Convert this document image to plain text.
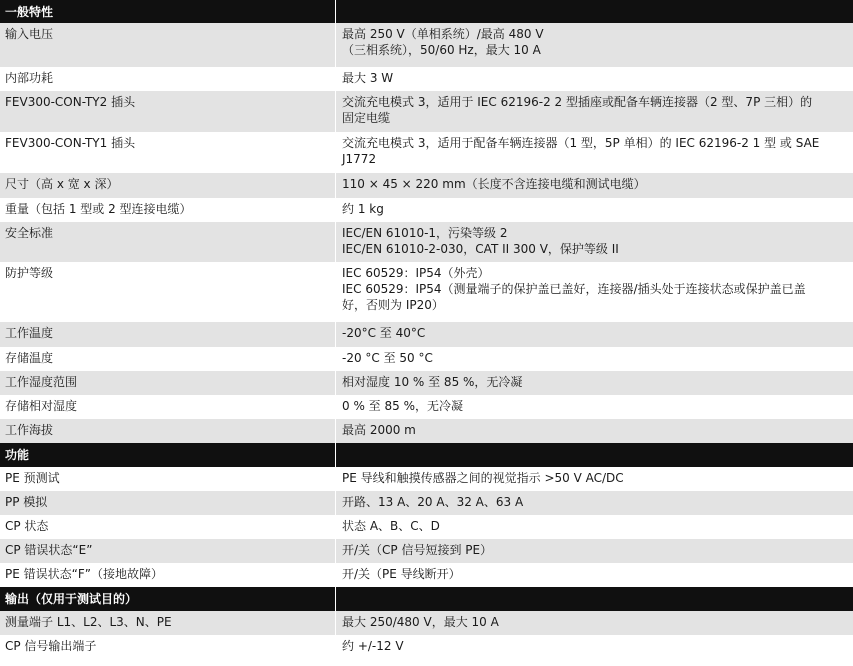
一般特性
输入电压	最高 250 V（单相系统）/最高 480 V
（三相系统），50/60 Hz，最大 10 A
内部功耗	最大 3 W
FEV300-CON-TY2 插头	交流充电模式 3，适用于 IEC 62196-2 2 型插座或配备车辆连接器（2 型、7P 三相）的
固定电缆
FEV300-CON-TY1 插头	交流充电模式 3，适用于配备车辆连接器（1 型，5P 单相）的 IEC 62196-2 1 型 或 SAE
J1772
尺寸（高 x 宽 x 深）	110 × 45 × 220 mm（长度不含连接电缆和测试电缆）
重量（包括 1 型或 2 型连接电缆）	约 1 kg
安全标准	IEC/EN 61010-1，污染等级 2
IEC/EN 61010-2-030，CAT II 300 V，保护等级 II
防护等级	IEC 60529：IP54（外壳）
IEC 60529：IP54（测量端子的保护盖已盖好，连接器/插头处于连接状态或保护盖已盖
好，否则为 IP20）
工作温度	-20°C 至 40°C
存储温度	-20 °C 至 50 °C
工作湿度范围	相对湿度 10 % 至 85 %，无冷凝
存储相对湿度	0 % 至 85 %，无冷凝
工作海拔	最高 2000 m
功能
PE 预测试	PE 导线和触摸传感器之间的视觉指示 >50 V AC/DC
PP 模拟	开路、13 A、20 A、32 A、63 A
CP 状态	状态 A、B、C、D
CP 错误状态“E”	开/关（CP 信号短接到 PE）
PE 错误状态“F”（接地故障）	开/关（PE 导线断开）
输出（仅用于测试目的）
测量端子 L1、L2、L3、N、PE	最大 250/480 V，最大 10 A
CP 信号输出端子	约 +/-12 V
